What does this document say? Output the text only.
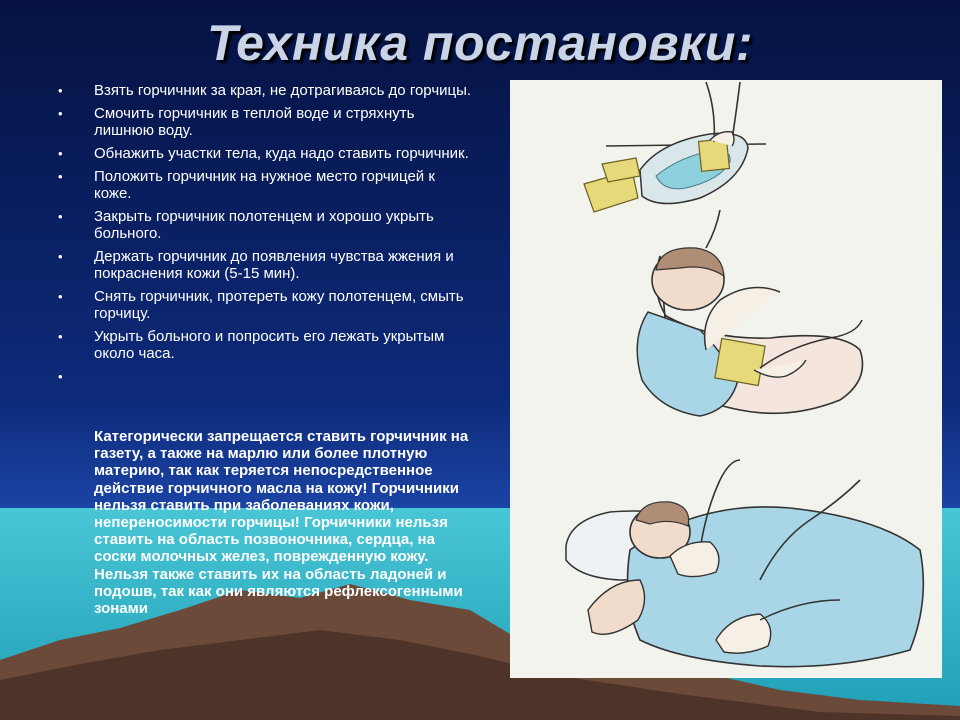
Техника постановки:
• Взять горчичник за края, не дотрагиваясь до горчицы.
• Смочить горчичник в теплой воде и стряхнуть лишнюю воду.
• Обнажить участки тела, куда надо ставить горчичник.
• Положить горчичник на нужное место горчицей к коже.
• Закрыть горчичник полотенцем и хорошо укрыть больного.
• Держать горчичник до появления чувства жжения и покраснения кожи (5-15 мин).
• Снять горчичник, протереть кожу полотенцем, смыть горчицу.
• Укрыть больного и попросить его лежать укрытым около часа.
•
Категорически запрещается ставить горчичник на газету, а также на марлю или более плотную материю, так как теряется непосредственное действие горчичного масла на кожу! Горчичники нельзя ставить при заболеваниях кожи, непереносимости горчицы! Горчичники нельзя ставить на область позвоночника, сердца, на соски молочных желез, поврежденную кожу. Нельзя также ставить их на область ладоней и подошв, так как они являются рефлексогенными зонами
